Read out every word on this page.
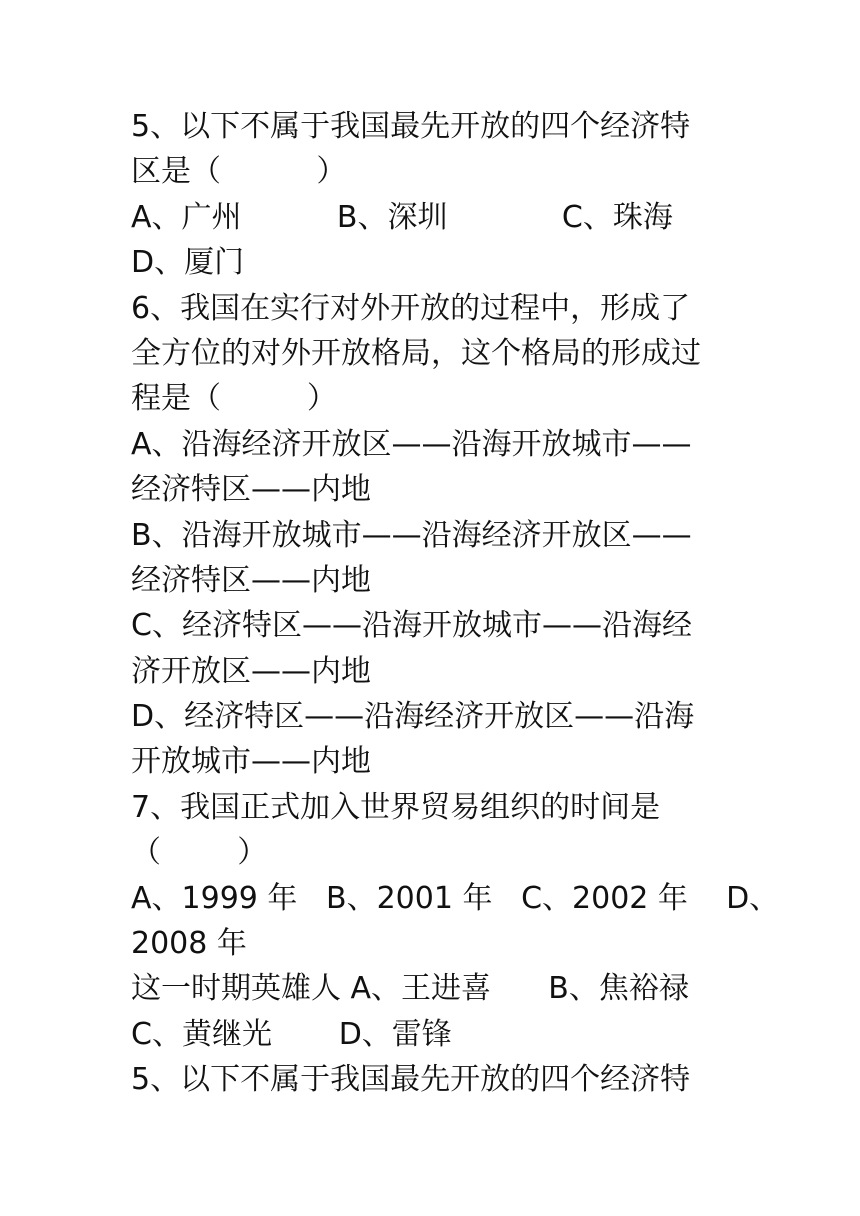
5、以下不属于我国最先开放的四个经济特
区是（          ）
A、广州          B、深圳            C、珠海
D、厦门
6、我国在实行对外开放的过程中，形成了
全方位的对外开放格局，这个格局的形成过
程是（         ）
A、沿海经济开放区——沿海开放城市——
经济特区——内地
B、沿海开放城市——沿海经济开放区——
经济特区——内地
C、经济特区——沿海开放城市——沿海经
济开放区——内地
D、经济特区——沿海经济开放区——沿海
开放城市——内地
7、我国正式加入世界贸易组织的时间是
（        ）
A、1999 年   B、2001 年   C、2002 年    D、
2008 年
这一时期英雄人 A、王进喜      B、焦裕禄
C、黄继光       D、雷锋
5、以下不属于我国最先开放的四个经济特
